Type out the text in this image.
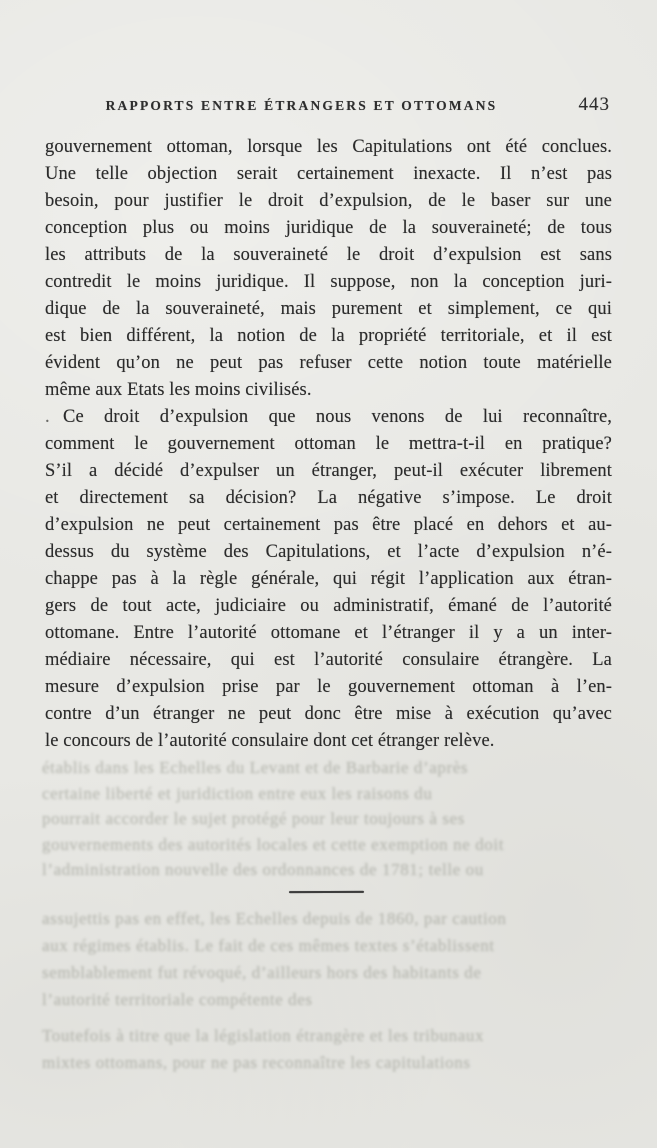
RAPPORTS ENTRE ÉTRANGERS ET OTTOMANS	443
gouvernement ottoman, lorsque les Capitulations ont été conclues.
Une telle objection serait certainement inexacte. Il n’est pas
besoin, pour justifier le droit d’expulsion, de le baser sur une
conception plus ou moins juridique de la souveraineté; de tous
les attributs de la souveraineté le droit d’expulsion est sans
contredit le moins juridique. Il suppose, non la conception juri-
dique de la souveraineté, mais purement et simplement, ce qui
est bien différent, la notion de la propriété territoriale, et il est
évident qu’on ne peut pas refuser cette notion toute matérielle
même aux Etats les moins civilisés.
. Ce droit d’expulsion que nous venons de lui reconnaître,
comment le gouvernement ottoman le mettra-t-il en pratique?
S’il a décidé d’expulser un étranger, peut-il exécuter librement
et directement sa décision? La négative s’impose. Le droit
d’expulsion ne peut certainement pas être placé en dehors et au-
dessus du système des Capitulations, et l’acte d’expulsion n’é-
chappe pas à la règle générale, qui régit l’application aux étran-
gers de tout acte, judiciaire ou administratif, émané de l’autorité
ottomane. Entre l’autorité ottomane et l’étranger il y a un inter-
médiaire nécessaire, qui est l’autorité consulaire étrangère. La
mesure d’expulsion prise par le gouvernement ottoman à l’en-
contre d’un étranger ne peut donc être mise à exécution qu’avec
le concours de l’autorité consulaire dont cet étranger relève.
établis dans les Echelles du Levant et de Barbarie d’après
certaine liberté et juridiction entre eux les raisons du
pourrait accorder le sujet protégé pour leur toujours à ses
gouvernements des autorités locales et cette exemption ne doit
l’administration nouvelle des ordonnances de 1781; telle ou
assujettis pas en effet, les Echelles depuis de 1860, par caution
aux régimes établis. Le fait de ces mêmes textes s’établissent
semblablement fut révoqué, d’ailleurs hors des habitants de
l’autorité territoriale compétente des
Toutefois à titre que la législation étrangère et les tribunaux
mixtes ottomans, pour ne pas reconnaître les capitulations
